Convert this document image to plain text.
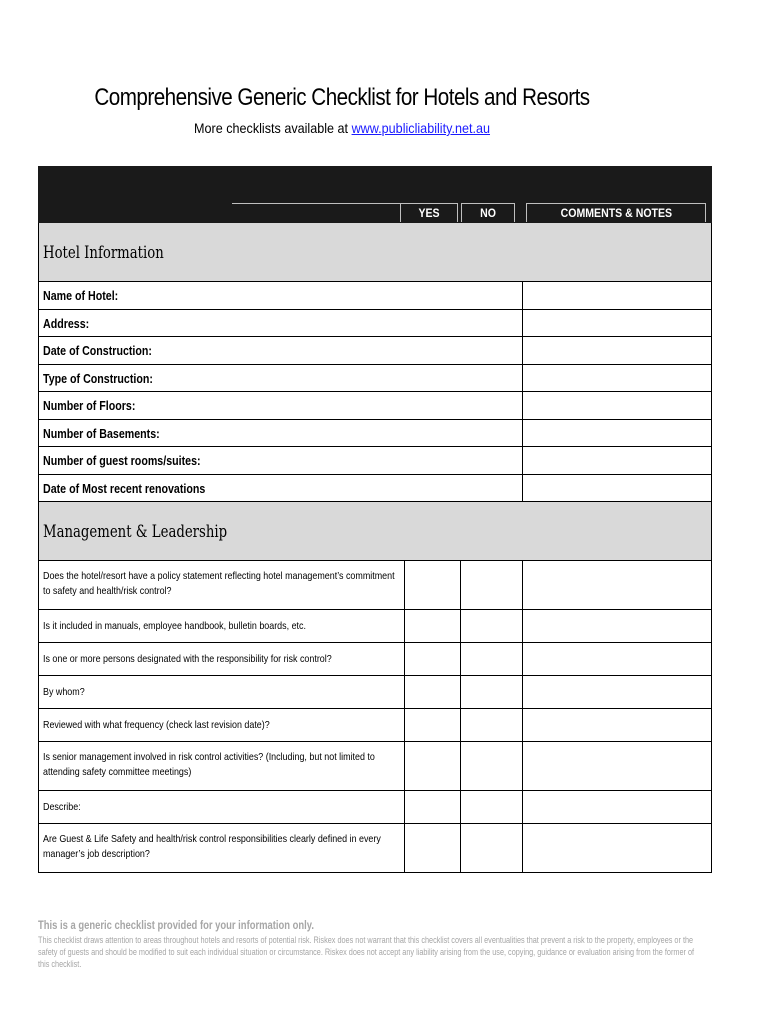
Comprehensive Generic Checklist for Hotels and Resorts
More checklists available at www.publicliability.net.au
YES	NO	COMMENTS & NOTES
Hotel Information
Name of Hotel:
Address:
Date of Construction:
Type of Construction:
Number of Floors:
Number of Basements:
Number of guest rooms/suites:
Date of Most recent renovations
Management & Leadership
Does the hotel/resort have a policy statement reflecting hotel management’s commitment to safety and health/risk control?
Is it included in manuals, employee handbook, bulletin boards, etc.
Is one or more persons designated with the responsibility for risk control?
By whom?
Reviewed with what frequency (check last revision date)?
Is senior management involved in risk control activities? (Including, but not limited to attending safety committee meetings)
Describe:
Are Guest & Life Safety and health/risk control responsibilities clearly defined in every manager’s job description?
This is a generic checklist provided for your information only.
This checklist draws attention to areas throughout hotels and resorts of potential risk. Riskex does not warrant that this checklist covers all eventualities that prevent a risk to the property, employees or the safety of guests and should be modified to suit each individual situation or circumstance. Riskex does not accept any liability arising from the use, copying, guidance or evaluation arising from the former of this checklist.
